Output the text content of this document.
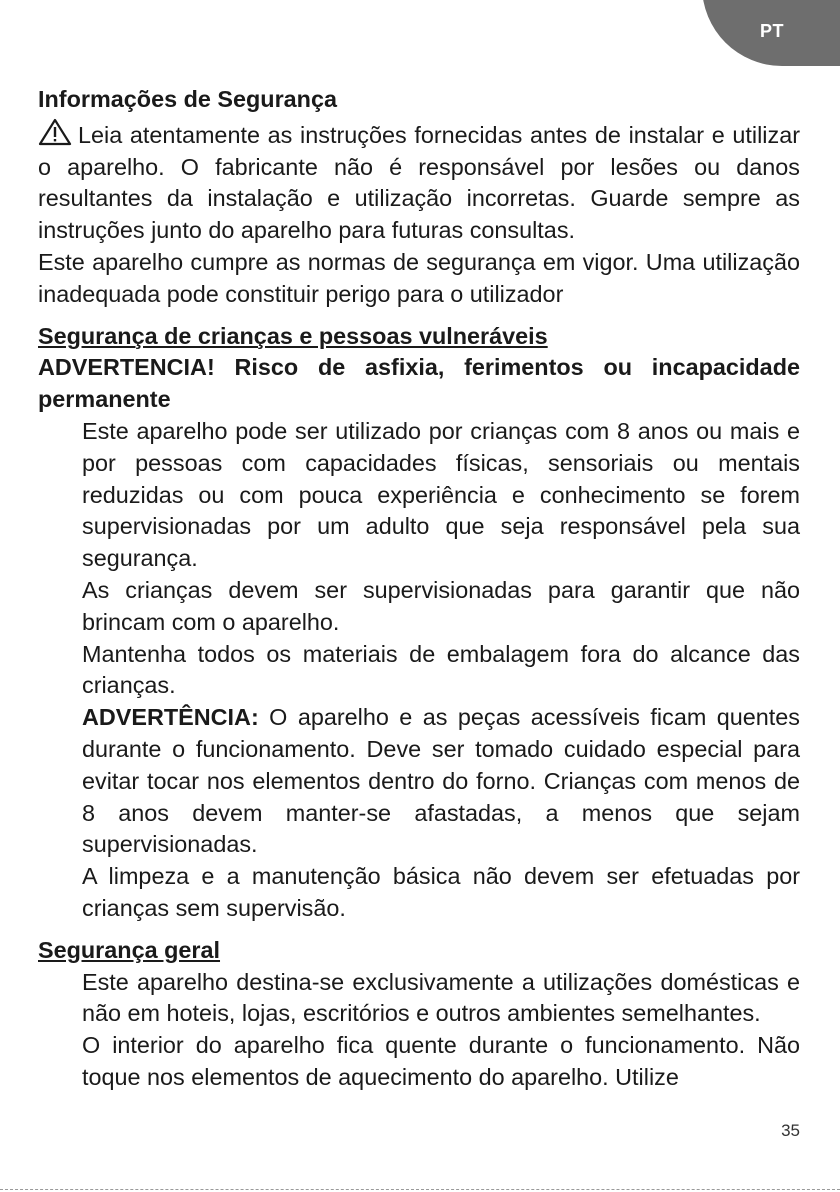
PT
Informações de Segurança

Leia atentamente as instruções fornecidas antes de instalar e utilizar o aparelho. O fabricante não é responsável por lesões ou danos resultantes da instalação e utilização incorretas. Guarde sempre as instruções junto do aparelho para futuras consultas.

Este aparelho cumpre as normas de segurança em vigor. Uma utilização inadequada pode constituir perigo para o utilizador

Segurança de crianças e pessoas vulneráveis
ADVERTENCIA! Risco de asfixia, ferimentos ou incapacidade permanente

Este aparelho pode ser utilizado por crianças com 8 anos ou mais e por pessoas com capacidades físicas, sensoriais ou mentais reduzidas ou com pouca experiência e conhecimento se forem supervisionadas por um adulto que seja responsável pela sua segurança.

As crianças devem ser supervisionadas para garantir que não brincam com o aparelho.

Mantenha todos os materiais de embalagem fora do alcance das crianças.

ADVERTÊNCIA: O aparelho e as peças acessíveis ficam quentes durante o funcionamento. Deve ser tomado cuidado especial para evitar tocar nos elementos dentro do forno. Crianças com menos de 8 anos devem manter-se afastadas, a menos que sejam supervisionadas.

A limpeza e a manutenção básica não devem ser efetuadas por crianças sem supervisão.

Segurança geral

Este aparelho destina-se exclusivamente a utilizações domésticas e não em hoteis, lojas, escritórios e outros ambientes semelhantes.

O interior do aparelho fica quente durante o funcionamento. Não toque nos elementos de aquecimento do aparelho. Utilize

35
